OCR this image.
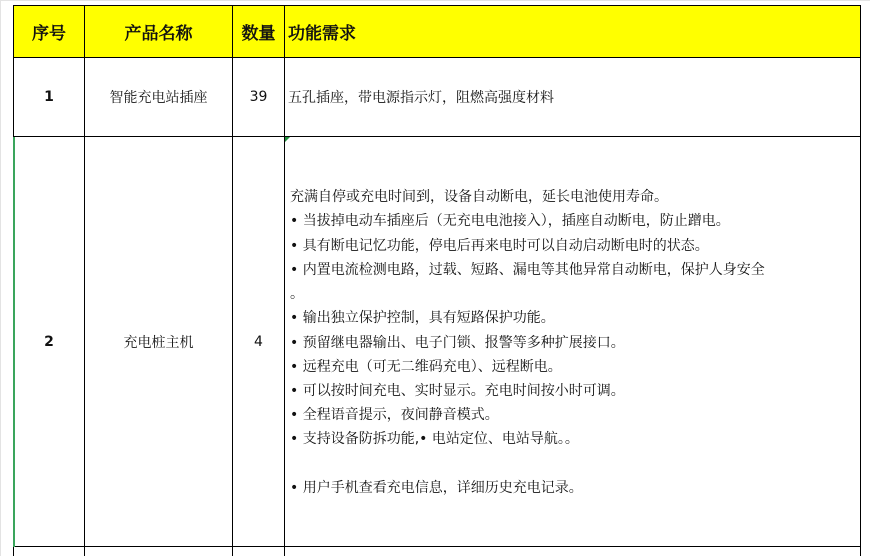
序号	产品名称	数量 功能需求
1	智能充电站插座	39 五孔插座，带电源指示灯，阻燃高强度材料
2	充电桩主机	4
充满自停或充电时间到，设备自动断电，延长电池使用寿命。
• 当拔掉电动车插座后（无充电电池接入），插座自动断电，防止蹭电。
• 具有断电记忆功能，停电后再来电时可以自动启动断电时的状态。
• 内置电流检测电路，过载、短路、漏电等其他异常自动断电，保护人身安全
。
• 输出独立保护控制，具有短路保护功能。
• 预留继电器输出、电子门锁、报警等多种扩展接口。
• 远程充电（可无二维码充电）、远程断电。
• 可以按时间充电、实时显示。充电时间按小时可调。
• 全程语音提示，夜间静音模式。
• 支持设备防拆功能,• 电站定位、电站导航。。
• 用户手机查看充电信息，详细历史充电记录。
